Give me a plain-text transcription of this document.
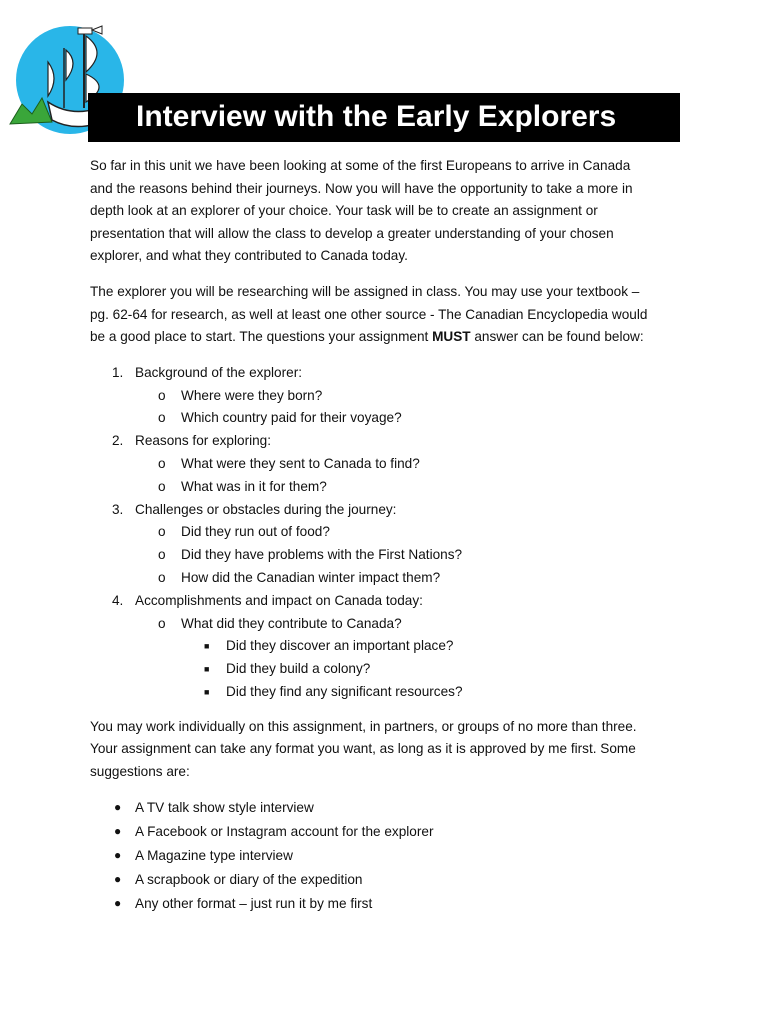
Interview with the Early Explorers

So far in this unit we have been looking at some of the first Europeans to arrive in Canada
and the reasons behind their journeys. Now you will have the opportunity to take a more in
depth look at an explorer of your choice. Your task will be to create an assignment or
presentation that will allow the class to develop a greater understanding of your chosen
explorer, and what they contributed to Canada today.

The explorer you will be researching will be assigned in class. You may use your textbook –
pg. 62-64 for research, as well at least one other source - The Canadian Encyclopedia would
be a good place to start. The questions your assignment MUST answer can be found below:

1. Background of the explorer:
o Where were they born?
o Which country paid for their voyage?
2. Reasons for exploring:
o What were they sent to Canada to find?
o What was in it for them?
3. Challenges or obstacles during the journey:
o Did they run out of food?
o Did they have problems with the First Nations?
o How did the Canadian winter impact them?
4. Accomplishments and impact on Canada today:
o What did they contribute to Canada?
■ Did they discover an important place?
■ Did they build a colony?
■ Did they find any significant resources?

You may work individually on this assignment, in partners, or groups of no more than three.
Your assignment can take any format you want, as long as it is approved by me first. Some
suggestions are:

● A TV talk show style interview
● A Facebook or Instagram account for the explorer
● A Magazine type interview
● A scrapbook or diary of the expedition
● Any other format – just run it by me first
